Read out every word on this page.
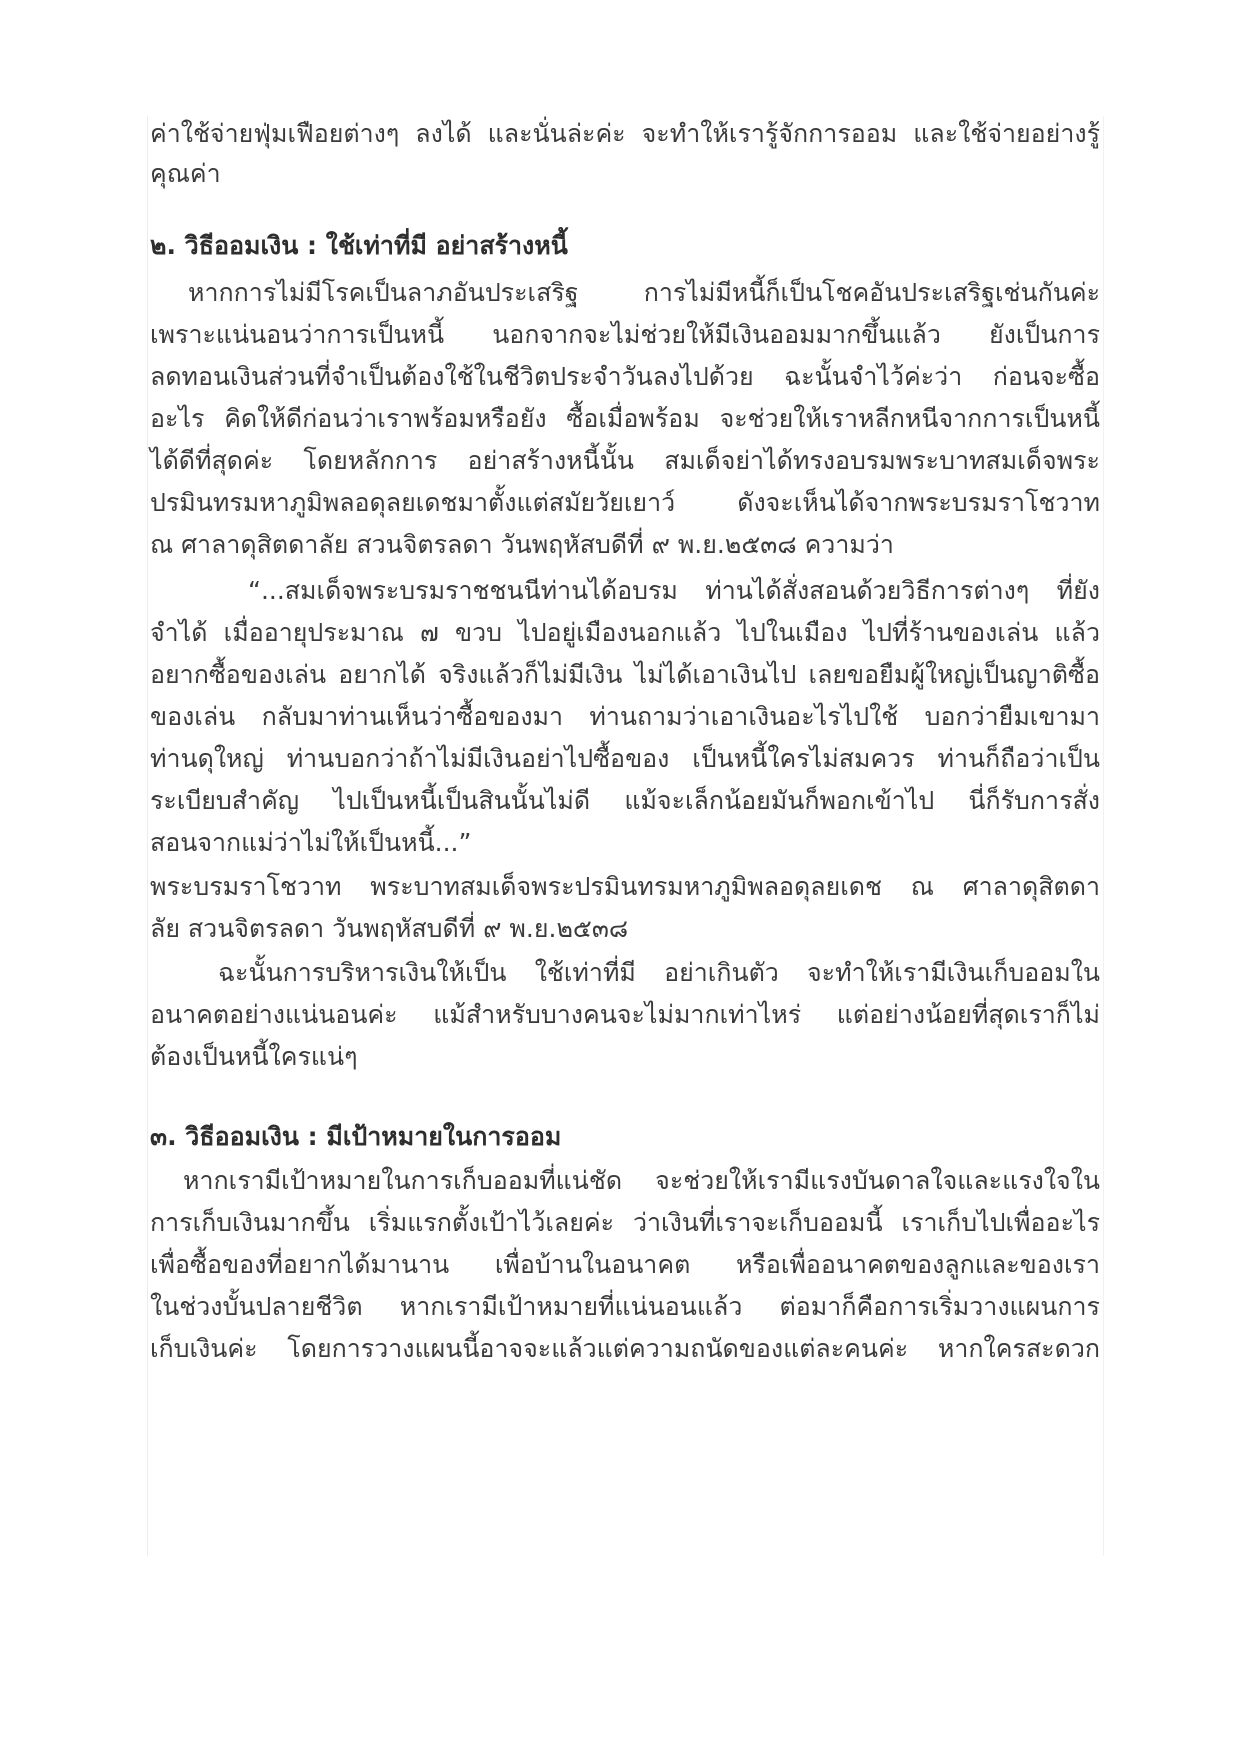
ค่าใช้จ่ายฟุ่มเฟือยต่างๆ ลงได้ และนั่นล่ะค่ะ จะทำให้เรารู้จักการออม และใช้จ่ายอย่างรู้
คุณค่า
๒. วิธีออมเงิน : ใช้เท่าที่มี อย่าสร้างหนี้
หากการไม่มีโรคเป็นลาภอันประเสริฐ การไม่มีหนี้ก็เป็นโชคอันประเสริฐเช่นกันค่ะ
เพราะแน่นอนว่าการเป็นหนี้ นอกจากจะไม่ช่วยให้มีเงินออมมากขึ้นแล้ว ยังเป็นการ
ลดทอนเงินส่วนที่จำเป็นต้องใช้ในชีวิตประจำวันลงไปด้วย ฉะนั้นจำไว้ค่ะว่า ก่อนจะซื้อ
อะไร คิดให้ดีก่อนว่าเราพร้อมหรือยัง ซื้อเมื่อพร้อม จะช่วยให้เราหลีกหนีจากการเป็นหนี้
ได้ดีที่สุดค่ะ โดยหลักการ อย่าสร้างหนี้นั้น สมเด็จย่าได้ทรงอบรมพระบาทสมเด็จพระ
ปรมินทรมหาภูมิพลอดุลยเดชมาตั้งแต่สมัยวัยเยาว์ ดังจะเห็นได้จากพระบรมราโชวาท
ณ ศาลาดุสิตดาลัย สวนจิตรลดา วันพฤหัสบดีที่ ๙ พ.ย.๒๕๓๘ ความว่า
“...สมเด็จพระบรมราชชนนีท่านได้อบรม ท่านได้สั่งสอนด้วยวิธีการต่างๆ ที่ยัง
จำได้ เมื่ออายุประมาณ ๗ ขวบ ไปอยู่เมืองนอกแล้ว ไปในเมือง ไปที่ร้านของเล่น แล้ว
อยากซื้อของเล่น อยากได้ จริงแล้วก็ไม่มีเงิน ไม่ได้เอาเงินไป เลยขอยืมผู้ใหญ่เป็นญาติซื้อ
ของเล่น กลับมาท่านเห็นว่าซื้อของมา ท่านถามว่าเอาเงินอะไรไปใช้ บอกว่ายืมเขามา
ท่านดุใหญ่ ท่านบอกว่าถ้าไม่มีเงินอย่าไปซื้อของ เป็นหนี้ใครไม่สมควร ท่านก็ถือว่าเป็น
ระเบียบสำคัญ ไปเป็นหนี้เป็นสินนั้นไม่ดี แม้จะเล็กน้อยมันก็พอกเข้าไป นี่ก็รับการสั่ง
สอนจากแม่ว่าไม่ให้เป็นหนี้...”
พระบรมราโชวาท พระบาทสมเด็จพระปรมินทรมหาภูมิพลอดุลยเดช ณ ศาลาดุสิตดา
ลัย สวนจิตรลดา วันพฤหัสบดีที่ ๙ พ.ย.๒๕๓๘
ฉะนั้นการบริหารเงินให้เป็น ใช้เท่าที่มี อย่าเกินตัว จะทำให้เรามีเงินเก็บออมใน
อนาคตอย่างแน่นอนค่ะ แม้สำหรับบางคนจะไม่มากเท่าไหร่ แต่อย่างน้อยที่สุดเราก็ไม่
ต้องเป็นหนี้ใครแน่ๆ
๓. วิธีออมเงิน : มีเป้าหมายในการออม
หากเรามีเป้าหมายในการเก็บออมที่แน่ชัด จะช่วยให้เรามีแรงบันดาลใจและแรงใจใน
การเก็บเงินมากขึ้น เริ่มแรกตั้งเป้าไว้เลยค่ะ ว่าเงินที่เราจะเก็บออมนี้ เราเก็บไปเพื่ออะไร
เพื่อซื้อของที่อยากได้มานาน เพื่อบ้านในอนาคต หรือเพื่ออนาคตของลูกและของเรา
ในช่วงบั้นปลายชีวิต หากเรามีเป้าหมายที่แน่นอนแล้ว ต่อมาก็คือการเริ่มวางแผนการ
เก็บเงินค่ะ โดยการวางแผนนี้อาจจะแล้วแต่ความถนัดของแต่ละคนค่ะ หากใครสะดวก
